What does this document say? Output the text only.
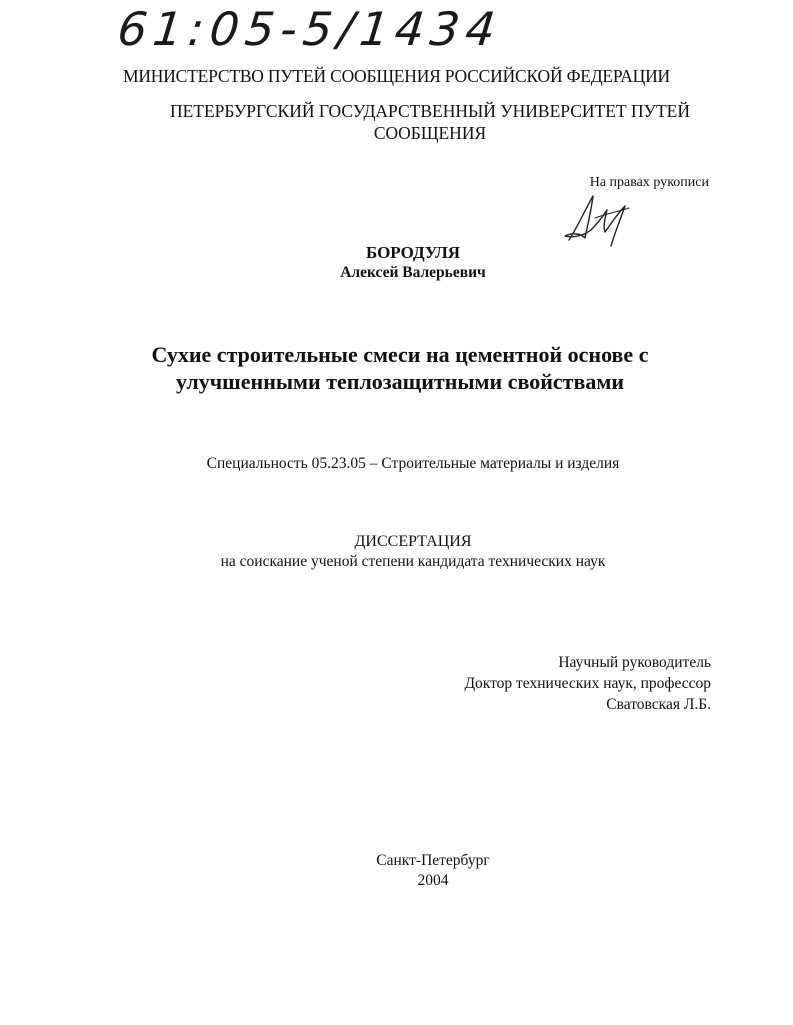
61:05-5/1434
МИНИСТЕРСТВО ПУТЕЙ СООБЩЕНИЯ РОССИЙСКОЙ ФЕДЕРАЦИИ
ПЕТЕРБУРГСКИЙ ГОСУДАРСТВЕННЫЙ УНИВЕРСИТЕТ ПУТЕЙ
СООБЩЕНИЯ
На правах рукописи
БОРОДУЛЯ
Алексей Валерьевич
Сухие строительные смеси на цементной основе с
улучшенными теплозащитными свойствами
Специальность 05.23.05 – Строительные материалы и изделия
ДИССЕРТАЦИЯ
на соискание ученой степени кандидата технических наук
Научный руководитель
Доктор технических наук, профессор
Сватовская Л.Б.
Санкт-Петербург
2004
